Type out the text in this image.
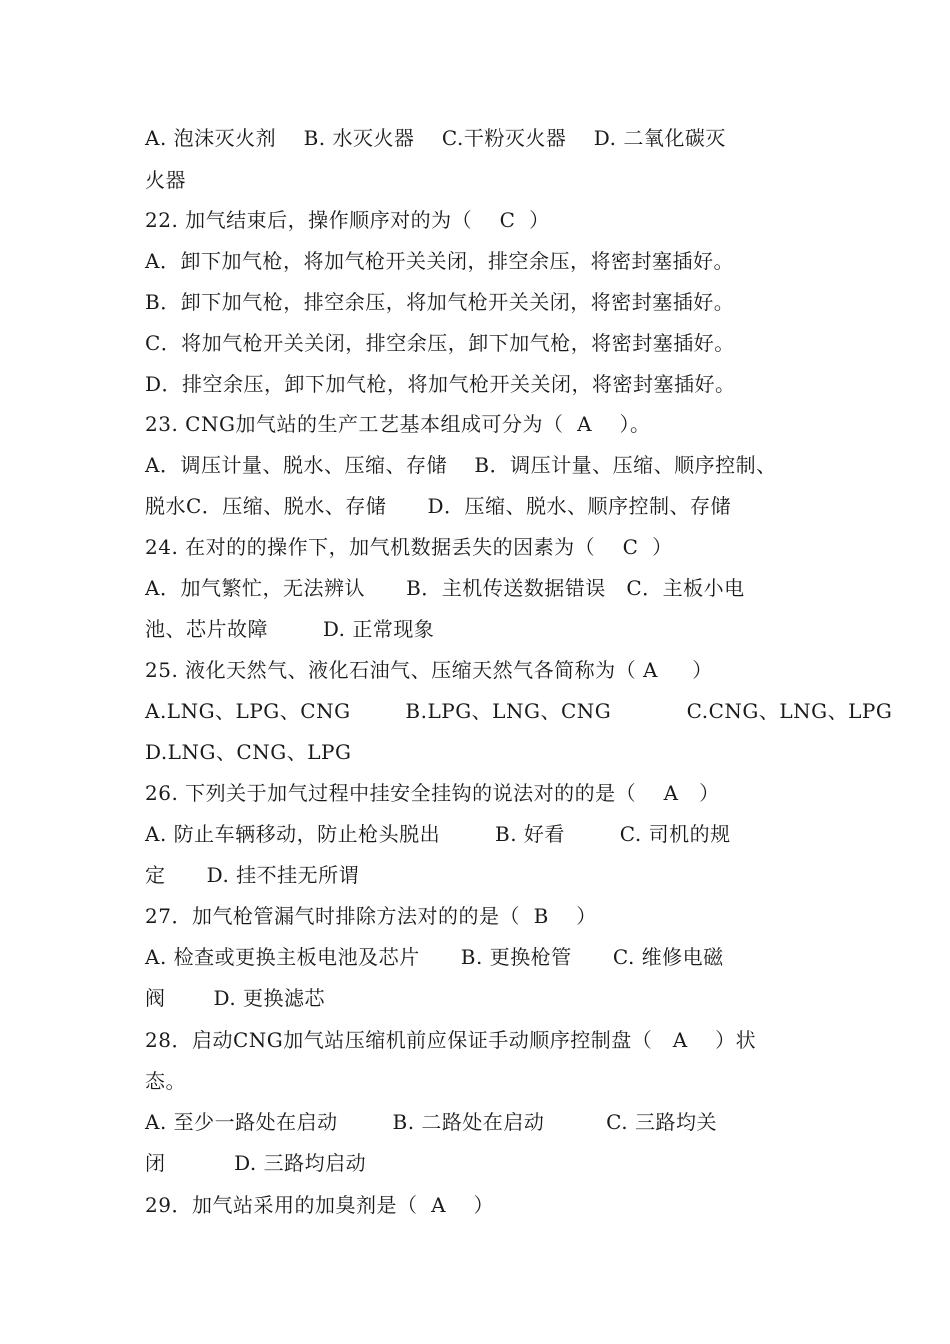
A. 泡沫灭火剂    B. 水灭火器    C.干粉灭火器    D. 二氧化碳灭
火器
22. 加气结束后，操作顺序对的为（    C  ）
A．卸下加气枪，将加气枪开关关闭，排空余压，将密封塞插好。
B．卸下加气枪，排空余压，将加气枪开关关闭，将密封塞插好。
C．将加气枪开关关闭，排空余压，卸下加气枪，将密封塞插好。
D．排空余压，卸下加气枪，将加气枪开关关闭，将密封塞插好。
23. CNG加气站的生产工艺基本组成可分为（  A    ）。
A．调压计量、脱水、压缩、存储    B．调压计量、压缩、顺序控制、
脱水C．压缩、脱水、存储      D．压缩、脱水、顺序控制、存储
24. 在对的的操作下，加气机数据丢失的因素为（    C  ）
A．加气繁忙，无法辨认      B．主机传送数据错误   C．主板小电
池、芯片故障        D. 正常现象
25. 液化天然气、液化石油气、压缩天然气各简称为（ A     ）
A.LNG、LPG、CNG        B.LPG、LNG、CNG           C.CNG、LNG、LPG
D.LNG、CNG、LPG
26. 下列关于加气过程中挂安全挂钩的说法对的的是（    A   ）
A. 防止车辆移动，防止枪头脱出        B. 好看        C. 司机的规
定      D. 挂不挂无所谓
27．加气枪管漏气时排除方法对的的是（  B    ）
A. 检查或更换主板电池及芯片      B. 更换枪管      C. 维修电磁
阀       D. 更换滤芯
28．启动CNG加气站压缩机前应保证手动顺序控制盘（   A    ）状
态。
A. 至少一路处在启动        B. 二路处在启动         C. 三路均关
闭          D. 三路均启动
29．加气站采用的加臭剂是（  A    ）
